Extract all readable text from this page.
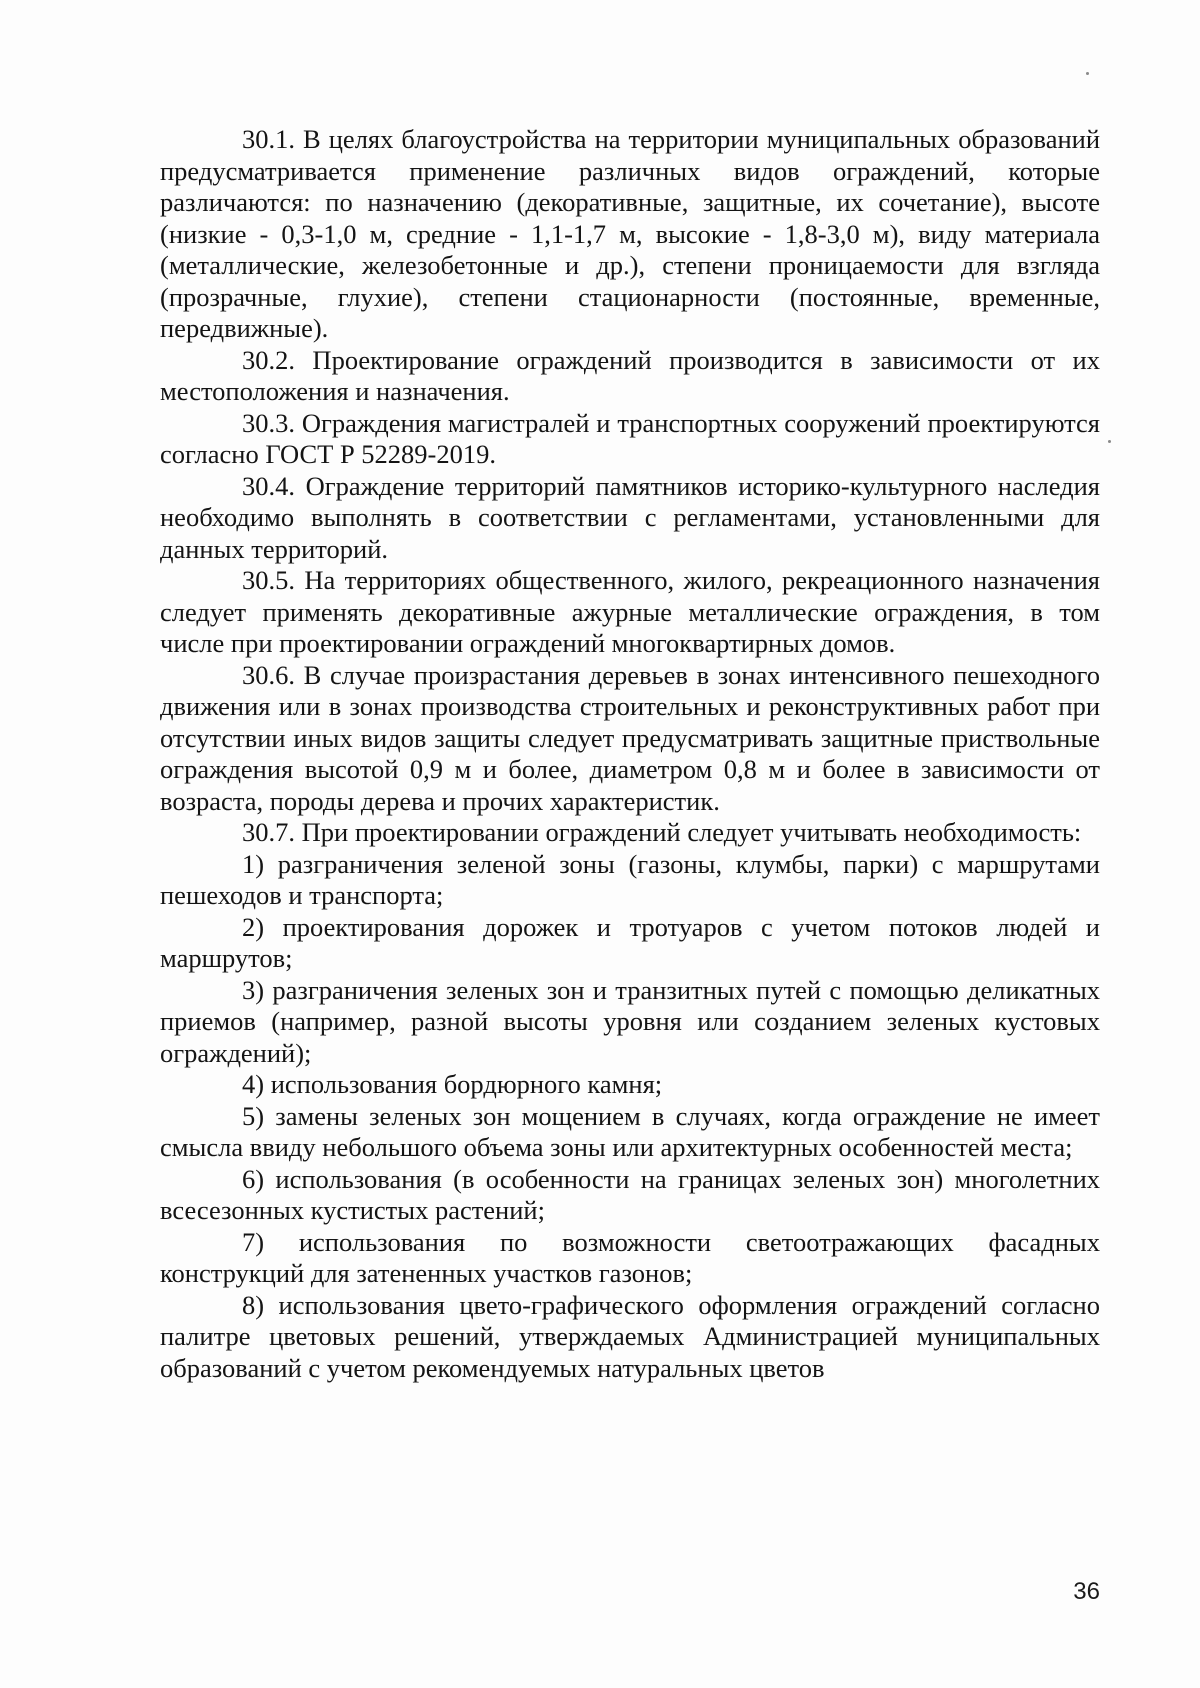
30.1. В целях благоустройства на территории муниципальных образований предусматривается применение различных видов ограждений, которые различаются: по назначению (декоративные, защитные, их сочетание), высоте (низкие - 0,3-1,0 м, средние - 1,1-1,7 м, высокие - 1,8-3,0 м), виду материала (металлические, железобетонные и др.), степени проницаемости для взгляда (прозрачные, глухие), степени стационарности (постоянные, временные, передвижные).

30.2. Проектирование ограждений производится в зависимости от их местоположения и назначения.

30.3. Ограждения магистралей и транспортных сооружений проектируются согласно ГОСТ Р 52289-2019.

30.4. Ограждение территорий памятников историко-культурного наследия необходимо выполнять в соответствии с регламентами, установленными для данных территорий.

30.5. На территориях общественного, жилого, рекреационного назначения следует применять декоративные ажурные металлические ограждения, в том числе при проектировании ограждений многоквартирных домов.

30.6. В случае произрастания деревьев в зонах интенсивного пешеходного движения или в зонах производства строительных и реконструктивных работ при отсутствии иных видов защиты следует предусматривать защитные приствольные ограждения высотой 0,9 м и более, диаметром 0,8 м и более в зависимости от возраста, породы дерева и прочих характеристик.

30.7. При проектировании ограждений следует учитывать необходимость:

1) разграничения зеленой зоны (газоны, клумбы, парки) с маршрутами пешеходов и транспорта;

2) проектирования дорожек и тротуаров с учетом потоков людей и маршрутов;

3) разграничения зеленых зон и транзитных путей с помощью деликатных приемов (например, разной высоты уровня или созданием зеленых кустовых ограждений);

4) использования бордюрного камня;

5) замены зеленых зон мощением в случаях, когда ограждение не имеет смысла ввиду небольшого объема зоны или архитектурных особенностей места;

6) использования (в особенности на границах зеленых зон) многолетних всесезонных кустистых растений;

7) использования по возможности светоотражающих фасадных конструкций для затененных участков газонов;

8) использования цвето-графического оформления ограждений согласно палитре цветовых решений, утверждаемых Администрацией муниципальных образований с учетом рекомендуемых натуральных цветов

36
